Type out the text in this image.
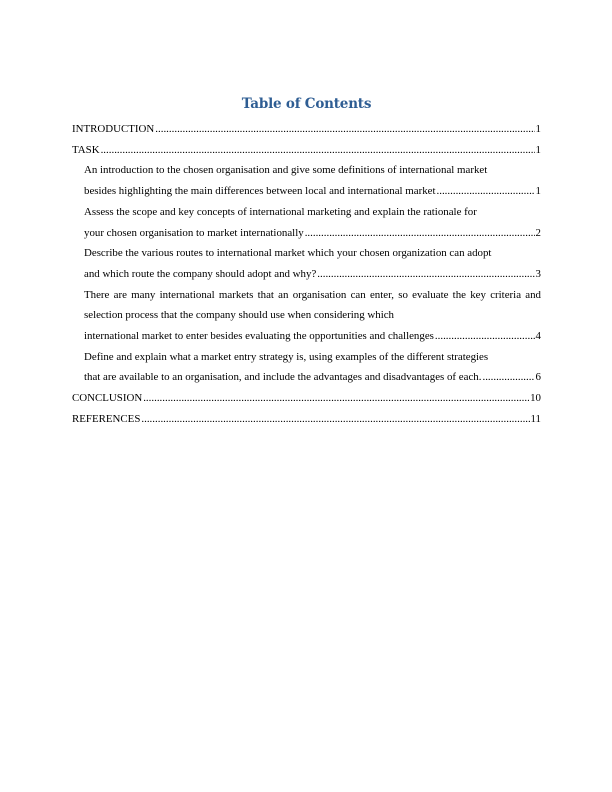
Table of Contents
INTRODUCTION .....	1
TASK .....	1
An introduction to the chosen organisation and give some definitions of international market
besides highlighting the main differences between local and international market .....	1
Assess the scope and key concepts of international marketing and explain the rationale for
your chosen organisation to market internationally .....	2
Describe the various routes to international market which your chosen organization can adopt
and which route the company should adopt and why? .....	3
There are many international markets that an organisation can enter, so evaluate the key criteria and selection process that the company should use when considering which
international market to enter besides evaluating the opportunities and challenges .....	4
Define and explain what a market entry strategy is, using examples of the different strategies
that are available to an organisation, and include the advantages and disadvantages of each. .....	6
CONCLUSION .....	10
REFERENCES .....	11
